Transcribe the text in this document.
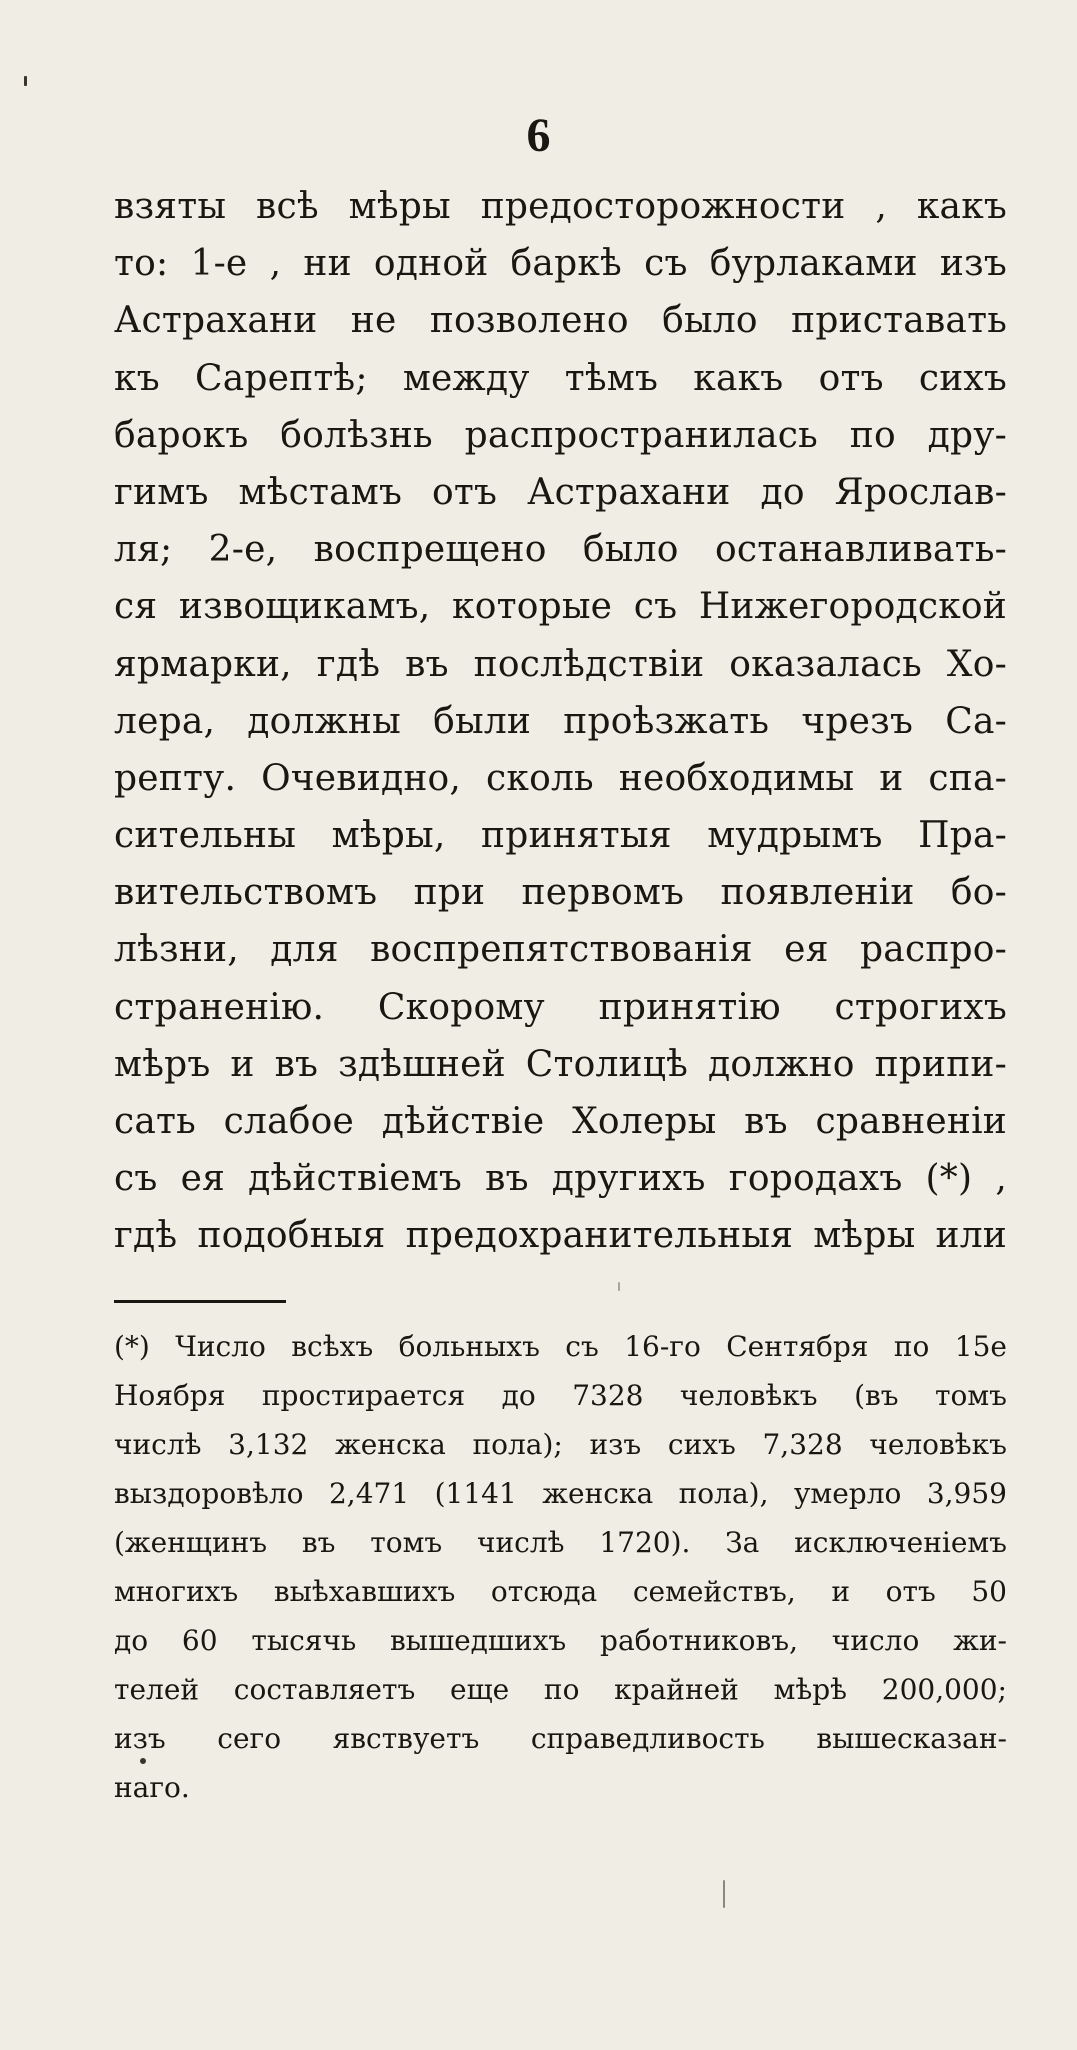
6
взяты всѣ мѣры предосторожности , какъ
то: 1-е , ни одной баркѣ съ бурлаками изъ
Астрахани не позволено было приставать
къ Сарептѣ; между тѣмъ какъ отъ сихъ
барокъ болѣзнь распространилась по дру-
гимъ мѣстамъ отъ Астрахани до Ярослав-
ля; 2-е, воспрещено было останавливать-
ся извощикамъ, которые съ Нижегородской
ярмарки, гдѣ въ послѣдствіи оказалась Хо-
лера, должны были проѣзжать чрезъ Са-
репту. Очевидно, сколь необходимы и спа-
сительны мѣры, принятыя мудрымъ Пра-
вительствомъ при первомъ появленіи бо-
лѣзни, для воспрепятствованія ея распро-
страненію. Скорому принятію строгихъ
мѣръ и въ здѣшней Столицѣ должно припи-
сать слабое дѣйствіе Холеры въ сравненіи
съ ея дѣйствіемъ въ другихъ городахъ (*) ,
гдѣ подобныя предохранительныя мѣры или
(*) Число всѣхъ больныхъ съ 16-го Сентября по 15е
Ноября простирается до 7328 человѣкъ (въ томъ
числѣ 3,132 женска пола); изъ сихъ 7,328 человѣкъ
выздоровѣло 2,471 (1141 женска пола), умерло 3,959
(женщинъ въ томъ числѣ 1720). За исключеніемъ
многихъ выѣхавшихъ отсюда семействъ, и отъ 50
до 60 тысячь вышедшихъ работниковъ, число жи-
телей составляетъ еще по крайней мѣрѣ 200,000;
изъ сего явствуетъ справедливость вышесказан-
наго.
